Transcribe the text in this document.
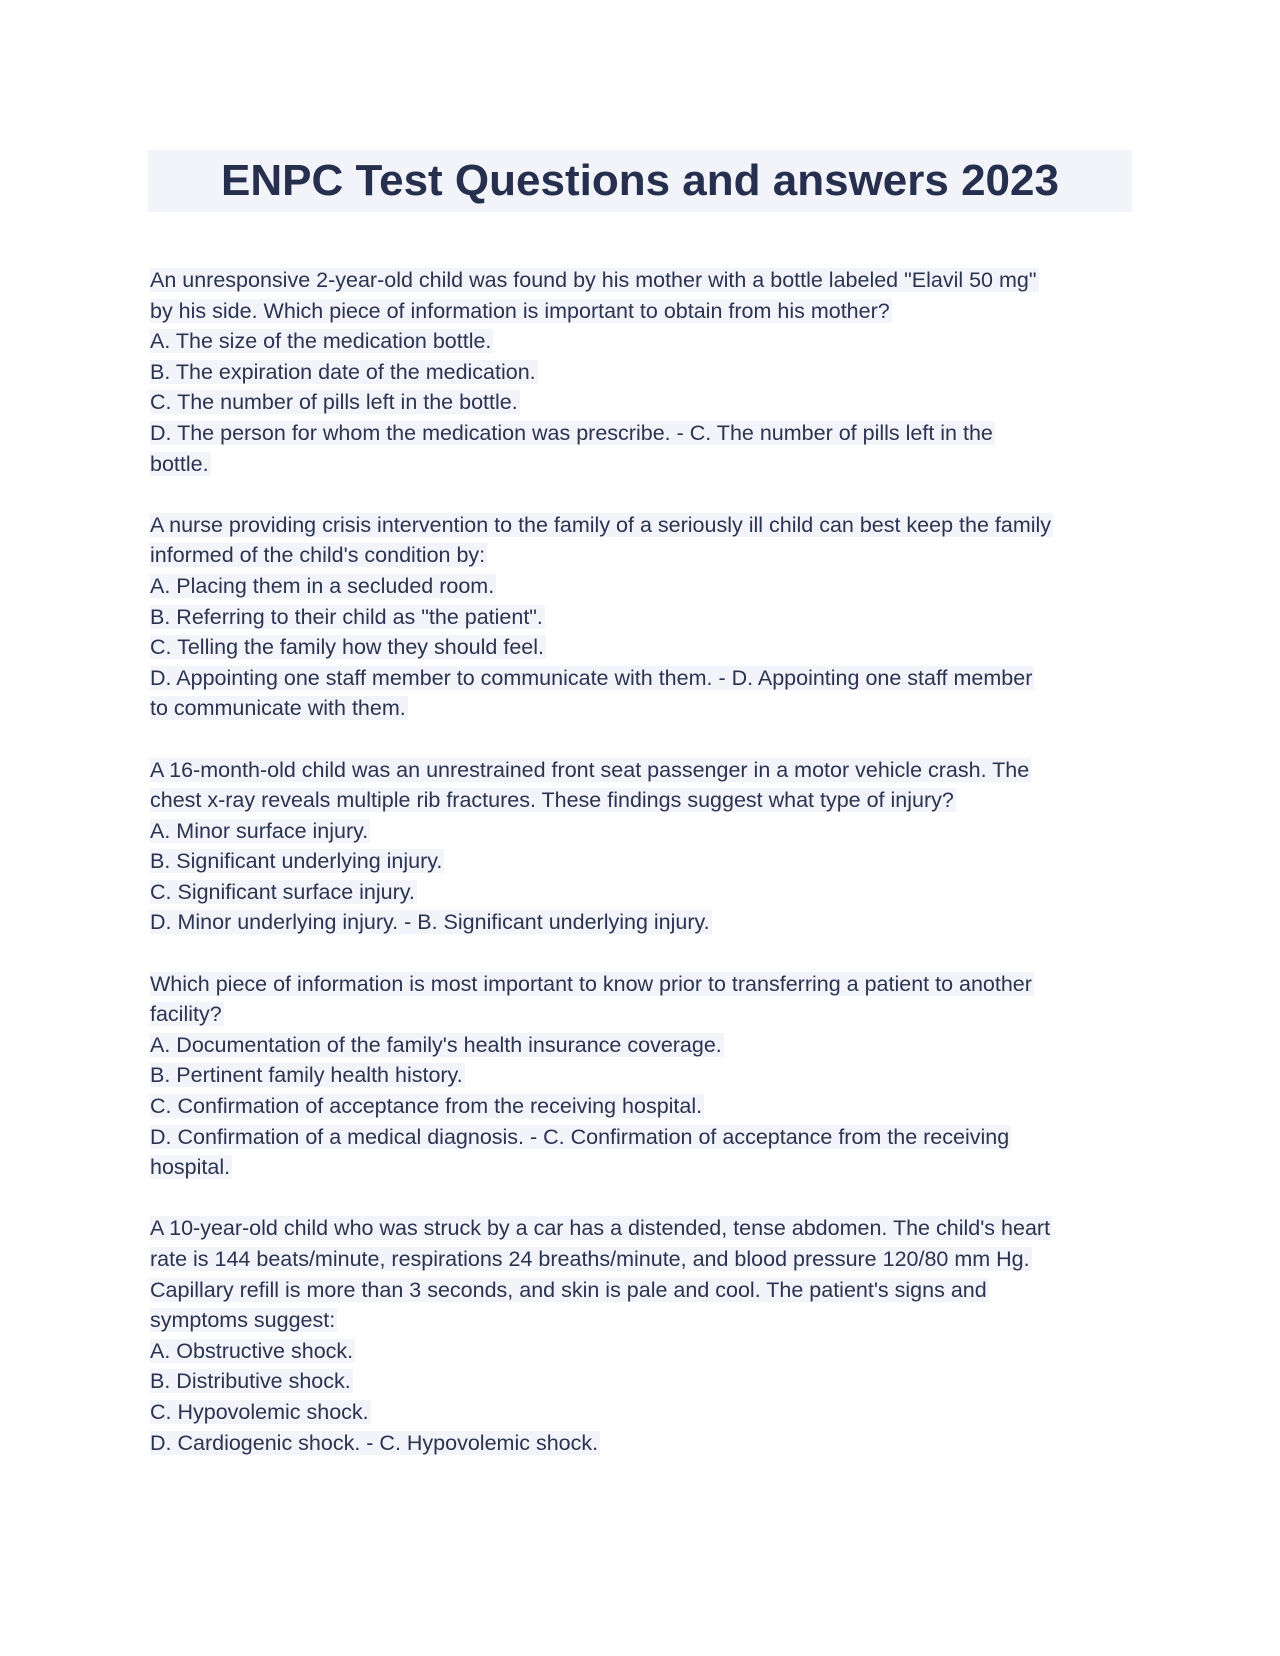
ENPC Test Questions and answers 2023
An unresponsive 2-year-old child was found by his mother with a bottle labeled "Elavil 50 mg"
by his side. Which piece of information is important to obtain from his mother?
A. The size of the medication bottle.
B. The expiration date of the medication.
C. The number of pills left in the bottle.
D. The person for whom the medication was prescribe. - C. The number of pills left in the
bottle.
A nurse providing crisis intervention to the family of a seriously ill child can best keep the family
informed of the child's condition by:
A. Placing them in a secluded room.
B. Referring to their child as "the patient".
C. Telling the family how they should feel.
D. Appointing one staff member to communicate with them. - D. Appointing one staff member
to communicate with them.
A 16-month-old child was an unrestrained front seat passenger in a motor vehicle crash. The
chest x-ray reveals multiple rib fractures. These findings suggest what type of injury?
A. Minor surface injury.
B. Significant underlying injury.
C. Significant surface injury.
D. Minor underlying injury. - B. Significant underlying injury.
Which piece of information is most important to know prior to transferring a patient to another
facility?
A. Documentation of the family's health insurance coverage.
B. Pertinent family health history.
C. Confirmation of acceptance from the receiving hospital.
D. Confirmation of a medical diagnosis. - C. Confirmation of acceptance from the receiving
hospital.
A 10-year-old child who was struck by a car has a distended, tense abdomen. The child's heart
rate is 144 beats/minute, respirations 24 breaths/minute, and blood pressure 120/80 mm Hg.
Capillary refill is more than 3 seconds, and skin is pale and cool. The patient's signs and
symptoms suggest:
A. Obstructive shock.
B. Distributive shock.
C. Hypovolemic shock.
D. Cardiogenic shock. - C. Hypovolemic shock.
